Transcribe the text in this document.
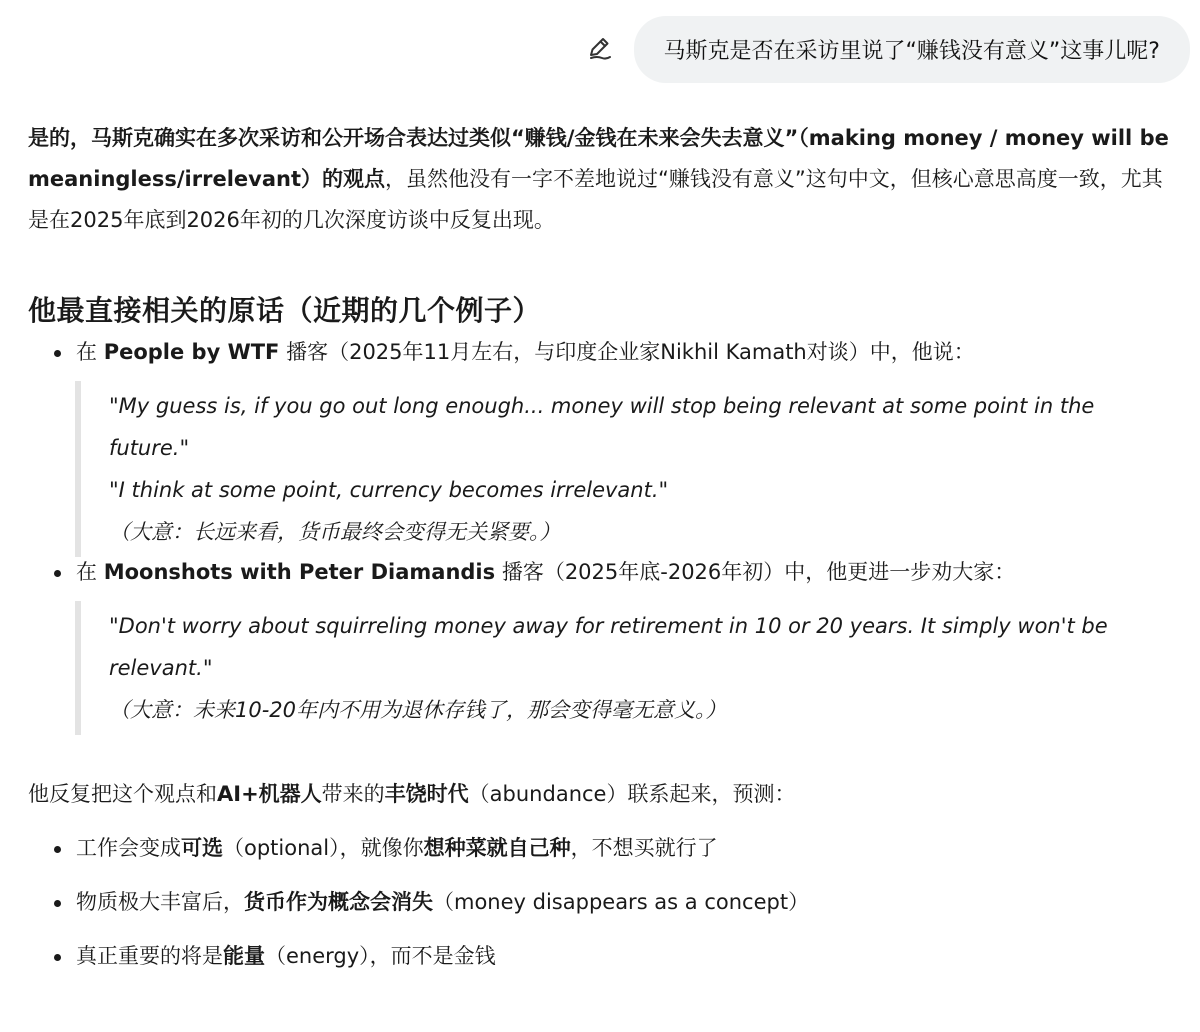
马斯克是否在采访里说了“赚钱没有意义”这事儿呢?

是的，马斯克确实在多次采访和公开场合表达过类似“赚钱/金钱在未来会失去意义”（making money / money will be meaningless/irrelevant）的观点，虽然他没有一字不差地说过“赚钱没有意义”这句中文，但核心意思高度一致，尤其是在2025年底到2026年初的几次深度访谈中反复出现。

他最直接相关的原话（近期的几个例子）
在 People by WTF 播客（2025年11月左右，与印度企业家Nikhil Kamath对谈）中，他说：
"My guess is, if you go out long enough... money will stop being relevant at some point in the future."
"I think at some point, currency becomes irrelevant."
（大意：长远来看，货币最终会变得无关紧要。）
在 Moonshots with Peter Diamandis 播客（2025年底-2026年初）中，他更进一步劝大家：
"Don't worry about squirreling money away for retirement in 10 or 20 years. It simply won't be relevant."
（大意：未来10-20年内不用为退休存钱了，那会变得毫无意义。）

他反复把这个观点和AI+机器人带来的丰饶时代（abundance）联系起来，预测：

工作会变成可选（optional），就像你想种菜就自己种，不想买就行了
物质极大丰富后，货币作为概念会消失（money disappears as a concept）
真正重要的将是能量（energy），而不是金钱
